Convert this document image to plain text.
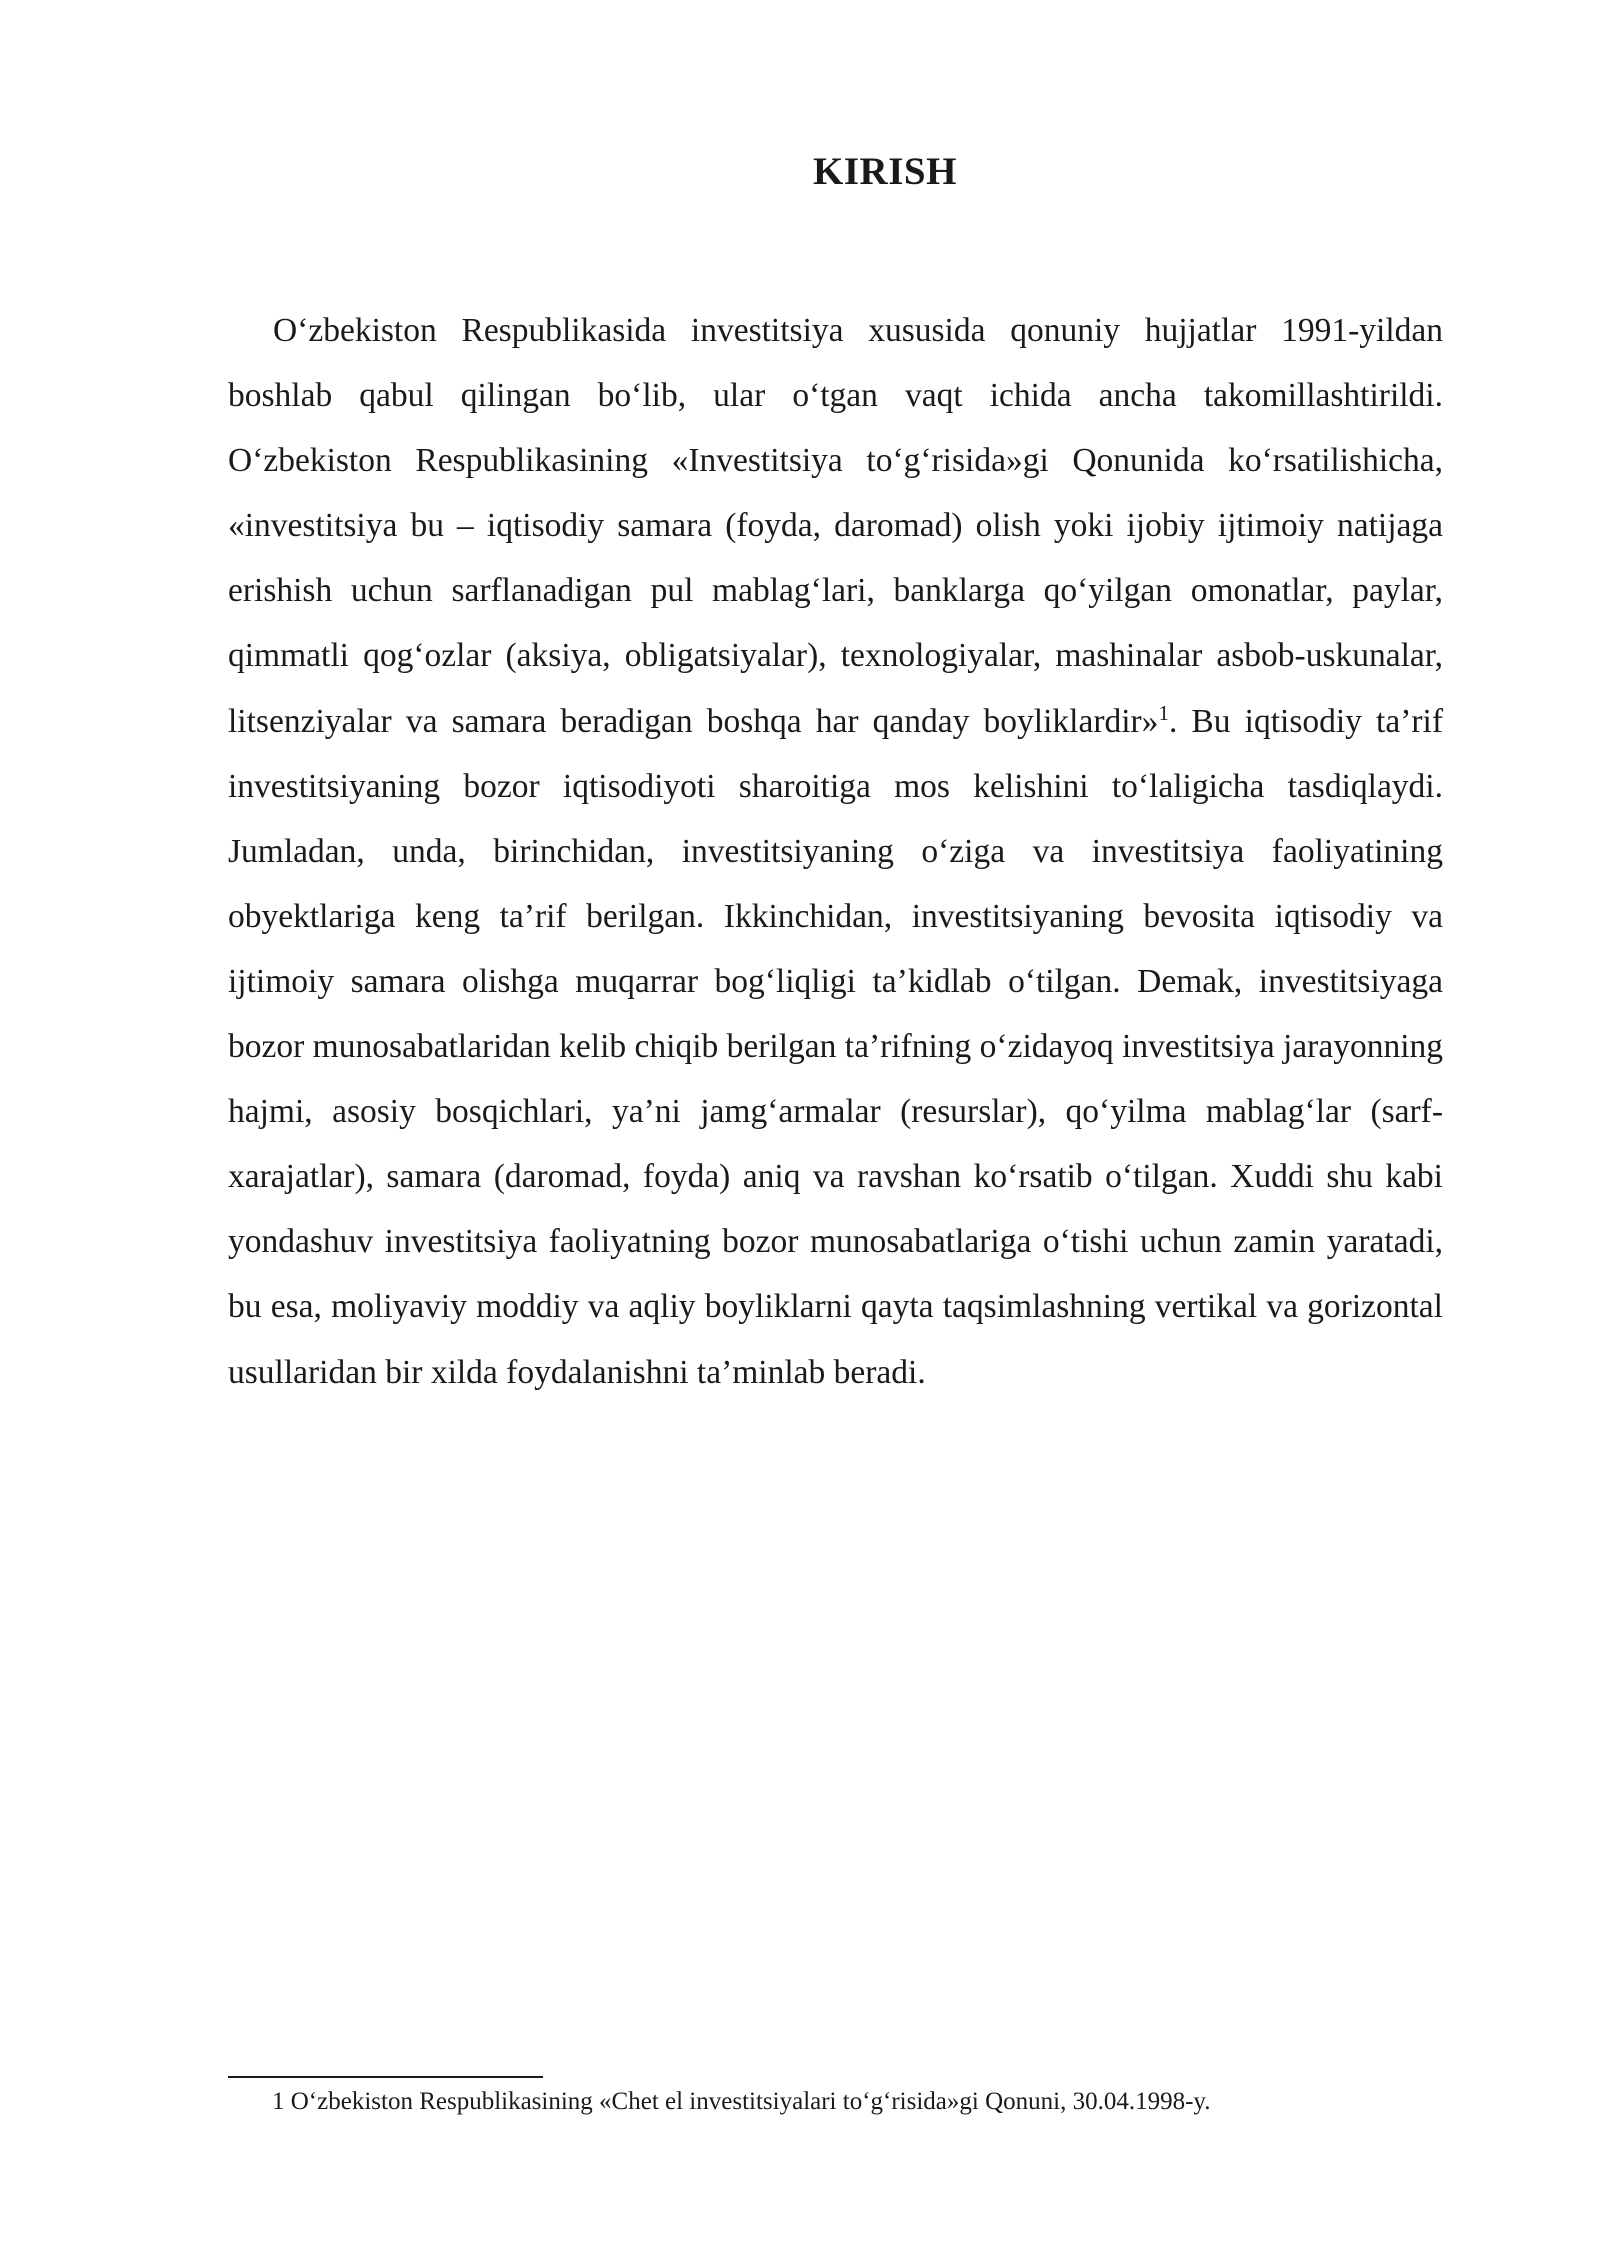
KIRISH

O‘zbekiston Respublikasida investitsiya xususida qonuniy hujjatlar 1991-yildan boshlab qabul qilingan bo‘lib, ular o‘tgan vaqt ichida ancha takomillashtirildi. O‘zbekiston Respublikasining «Investitsiya to‘g‘risida»gi Qonunida ko‘rsatilishicha, «investitsiya bu – iqtisodiy samara (foyda, daromad) olish yoki ijobiy ijtimoiy natijaga erishish uchun sarflanadigan pul mablag‘lari, banklarga qo‘yilgan omonatlar, paylar, qimmatli qog‘ozlar (aksiya, obligatsiyalar), texnologiyalar, mashinalar asbob-uskunalar, litsenziyalar va samara beradigan boshqa har qanday boyliklardir»$^1$. Bu iqtisodiy ta’rif investitsiyaning bozor iqtisodiyoti sharoitiga mos kelishini to‘laligicha tasdiqlaydi. Jumladan, unda, birinchidan, investitsiyaning o‘ziga va investitsiya faoliyatining obyektlariga keng ta’rif berilgan. Ikkinchidan, investitsiyaning bevosita iqtisodiy va ijtimoiy samara olishga muqarrar bog‘liqligi ta’kidlab o‘tilgan. Demak, investitsiyaga bozor munosabatlaridan kelib chiqib berilgan ta’rifning o‘zidayoq investitsiya jarayonning hajmi, asosiy bosqichlari, ya’ni jamg‘armalar (resurslar), qo‘yilma mablag‘lar (sarf-xarajatlar), samara (daromad, foyda) aniq va ravshan ko‘rsatib o‘tilgan. Xuddi shu kabi yondashuv investitsiya faoliyatning bozor munosabatlariga o‘tishi uchun zamin yaratadi, bu esa, moliyaviy moddiy va aqliy boyliklarni qayta taqsimlashning vertikal va gorizontal usullaridan bir xilda foydalanishni ta’minlab beradi.

1 O‘zbekiston Respublikasining «Chet el investitsiyalari to‘g‘risida»gi Qonuni, 30.04.1998-y.
